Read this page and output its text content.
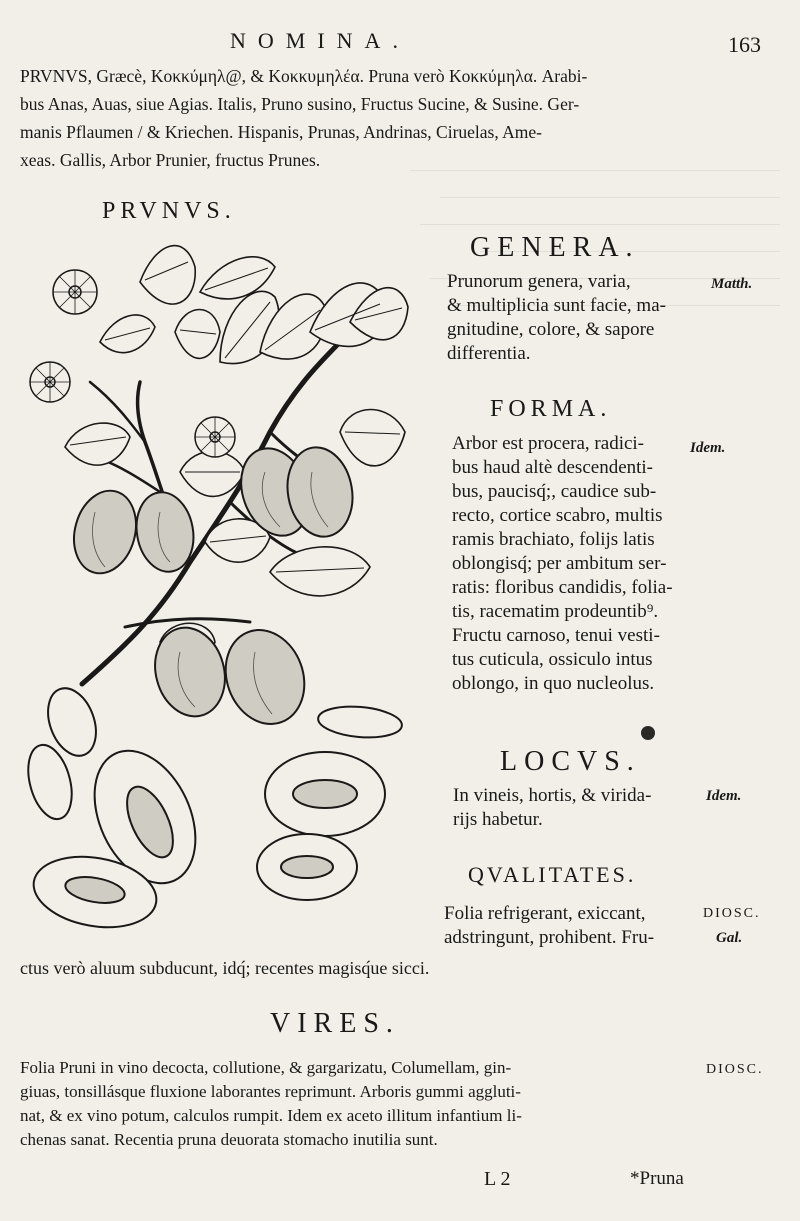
NOMINA.	163

PRVNVS, Græcè, Κοκκύμηλ@, & Κοκκυμηλέα. Pruna verò Κοκκύμηλα. Arabi-

bus Anas, Auas, siue Agias. Italis, Pruno susino, Fructus Sucine, & Susine. Ger-

manis Pflaumen / & Kriechen. Hispanis, Prunas, Andrinas, Ciruelas, Ame-

xeas. Gallis, Arbor Prunier, fructus Prunes.

PRVNVS.
GENERA.

Prunorum genera, varia,

& multiplicia sunt facie, ma-

gnitudine, colore, & sapore

differentia.

Matth.
FORMA.

Arbor est procera, radici-

bus haud altè descendenti-

bus, paucisq́;, caudice sub-

recto, cortice scabro, multis

ramis brachiato, folijs latis

oblongisq́; per ambitum ser-

ratis: floribus candidis, folia-

tis, racematim prodeuntib⁹.

Fructu carnoso, tenui vesti-

tus cuticula, ossiculo intus

oblongo, in quo nucleolus.

Idem.
LOCVS.

In vineis, hortis, & virida-

rijs habetur.

Idem.
QVALITATES.

Folia refrigerant, exiccant,

adstringunt, prohibent. Fru-

DIOSC.
Gal.

ctus verò aluum subducunt, idq́; recentes magisq́ue sicci.

VIRES.

Folia Pruni in vino decocta, collutione, & gargarizatu, Columellam, gin-

giuas, tonsillásque fluxione laborantes reprimunt. Arboris gummi aggluti-

nat, & ex vino potum, calculos rumpit. Idem ex aceto illitum infantium li-

chenas sanat. Recentia pruna deuorata stomacho inutilia sunt.

DIOSC.
L 2	*Pruna
